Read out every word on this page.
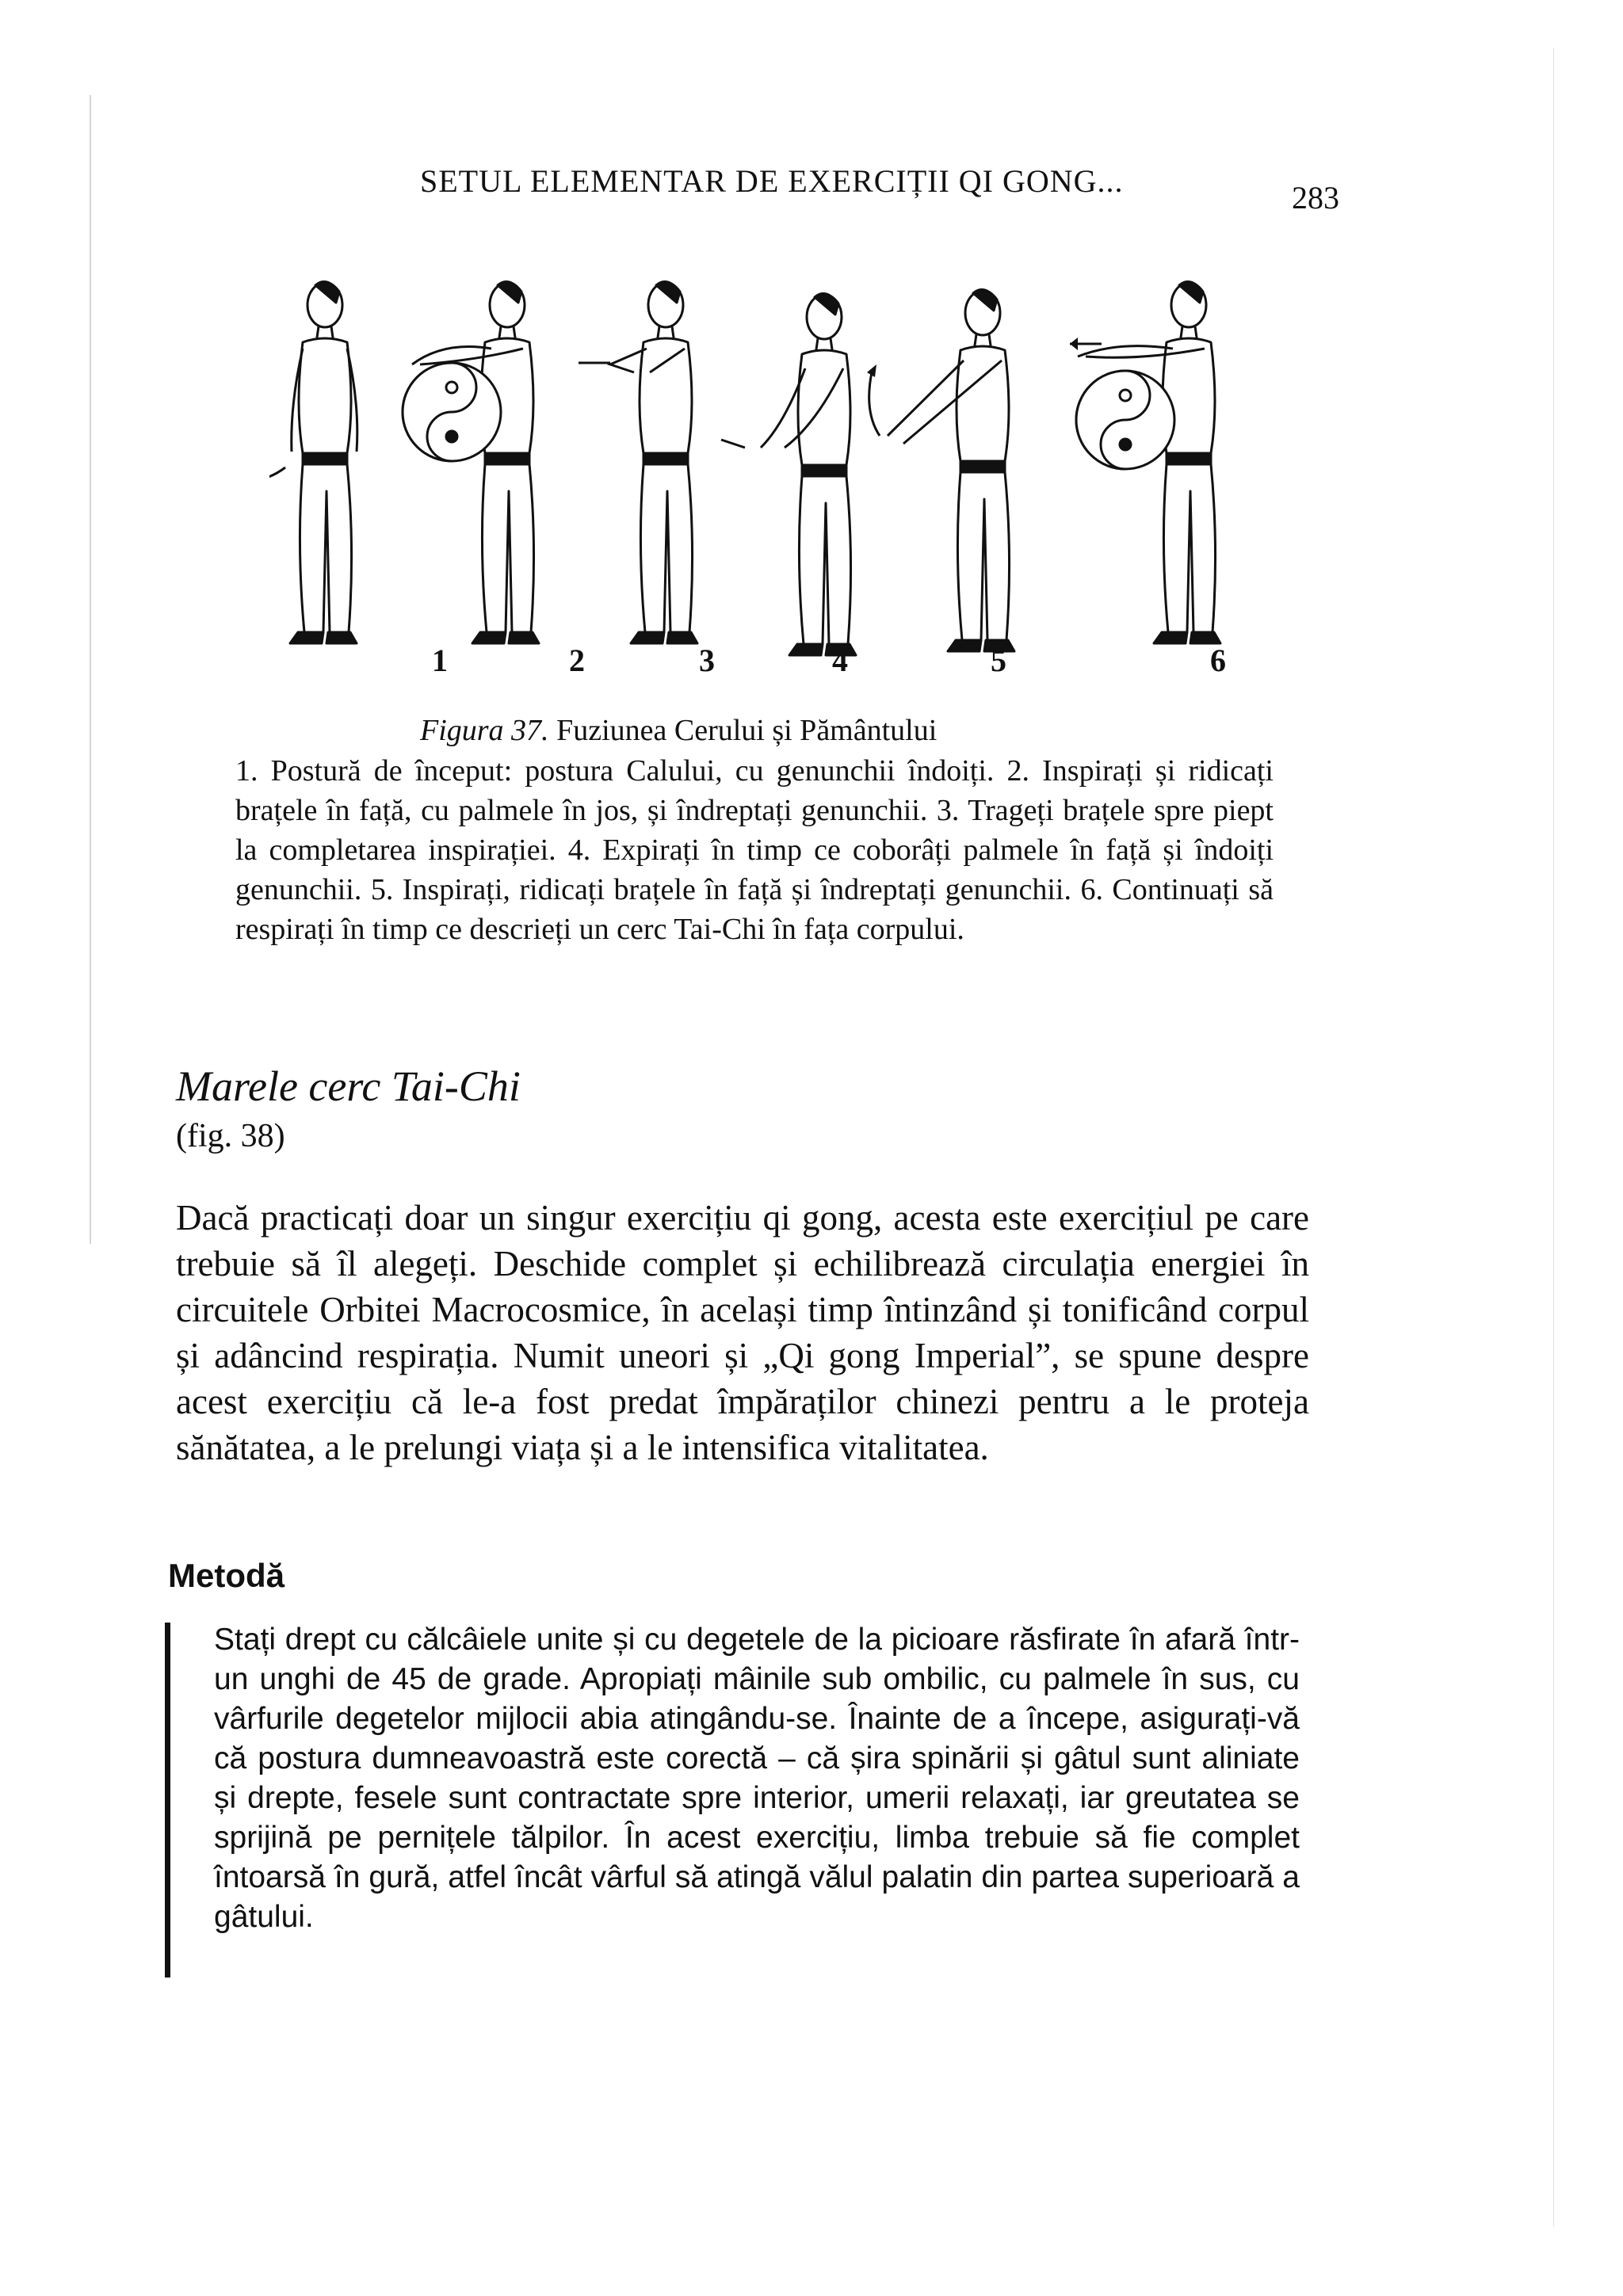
SETUL ELEMENTAR DE EXERCIȚII QI GONG...	283
1	2	3	4	5	6
Figura 37. Fuziunea Cerului și Pământului
1. Postură de început: postura Calului, cu genunchii îndoiți. 2. Inspirați și ridicați brațele în față, cu palmele în jos, și îndreptați genunchii. 3. Trageți brațele spre piept la completarea inspirației. 4. Expirați în timp ce coborâți palmele în față și îndoiți genunchii. 5. Inspirați, ridicați brațele în față și îndreptați genunchii. 6. Continuați să respirați în timp ce descrieți un cerc Tai-Chi în fața corpului.
Marele cerc Tai-Chi
(fig. 38)
Dacă practicați doar un singur exercițiu qi gong, acesta este exercițiul pe care trebuie să îl alegeți. Deschide complet și echilibrează circulația energiei în circuitele Orbitei Macrocosmice, în același timp întinzând și tonificând corpul și adâncind respirația. Numit uneori și „Qi gong Imperial”, se spune despre acest exercițiu că le-a fost predat împăraților chinezi pentru a le proteja sănătatea, a le prelungi viața și a le intensifica vitalitatea.
Metodă
Stați drept cu călcâiele unite și cu degetele de la picioare răsfirate în afară într-un unghi de 45 de grade. Apropiați mâinile sub ombilic, cu palmele în sus, cu vârfurile degetelor mijlocii abia atingându-se. Înainte de a începe, asigurați-vă că postura dumneavoastră este corectă – că șira spinării și gâtul sunt aliniate și drepte, fesele sunt contractate spre interior, umerii relaxați, iar greutatea se sprijină pe pernițele tălpilor. În acest exercițiu, limba trebuie să fie complet întoarsă în gură, atfel încât vârful să atingă vălul palatin din partea superioară a gâtului.
